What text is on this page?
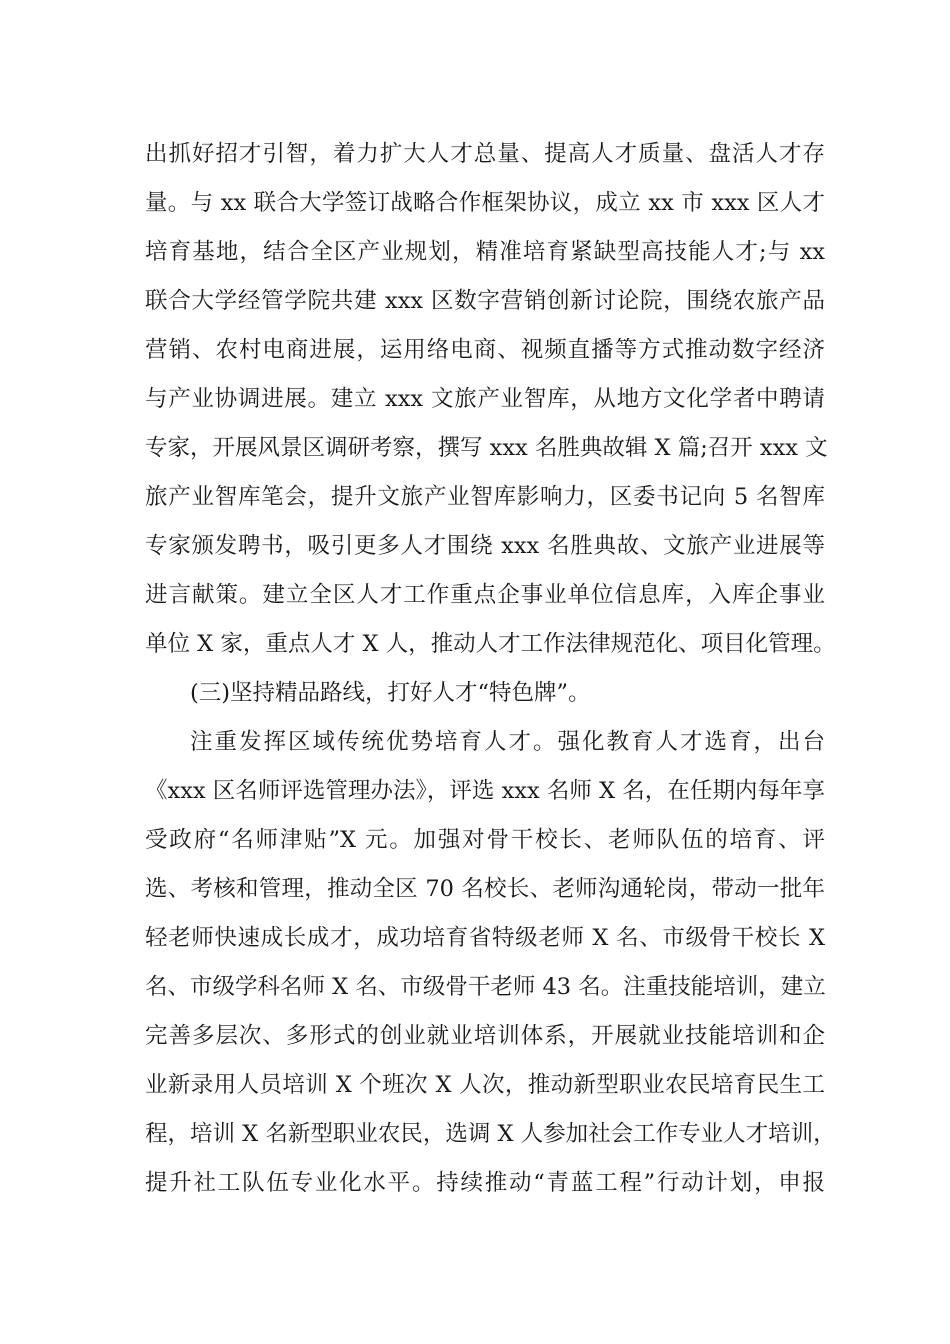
出抓好招才引智，着力扩大人才总量、提高人才质量、盘活人才存
量。与 xx 联合大学签订战略合作框架协议，成立 xx 市 xxx 区人才
培育基地，结合全区产业规划，精准培育紧缺型高技能人才;与 xx
联合大学经管学院共建 xxx 区数字营销创新讨论院，围绕农旅产品
营销、农村电商进展，运用络电商、视频直播等方式推动数字经济
与产业协调进展。建立 xxx 文旅产业智库，从地方文化学者中聘请
专家，开展风景区调研考察，撰写 xxx 名胜典故辑 X 篇;召开 xxx 文
旅产业智库笔会，提升文旅产业智库影响力，区委书记向 5 名智库
专家颁发聘书，吸引更多人才围绕 xxx 名胜典故、文旅产业进展等
进言献策。建立全区人才工作重点企事业单位信息库，入库企事业
单位 X 家，重点人才 X 人，推动人才工作法律规范化、项目化管理。
(三)坚持精品路线，打好人才“特色牌”。
注重发挥区域传统优势培育人才。强化教育人才选育，出台
《xxx 区名师评选管理办法》，评选 xxx 名师 X 名，在任期内每年享
受政府“名师津贴”X 元。加强对骨干校长、老师队伍的培育、评
选、考核和管理，推动全区 70 名校长、老师沟通轮岗，带动一批年
轻老师快速成长成才，成功培育省特级老师 X 名、市级骨干校长 X
名、市级学科名师 X 名、市级骨干老师 43 名。注重技能培训，建立
完善多层次、多形式的创业就业培训体系，开展就业技能培训和企
业新录用人员培训 X 个班次 X 人次，推动新型职业农民培育民生工
程，培训 X 名新型职业农民，选调 X 人参加社会工作专业人才培训，
提升社工队伍专业化水平。持续推动“青蓝工程”行动计划，申报
